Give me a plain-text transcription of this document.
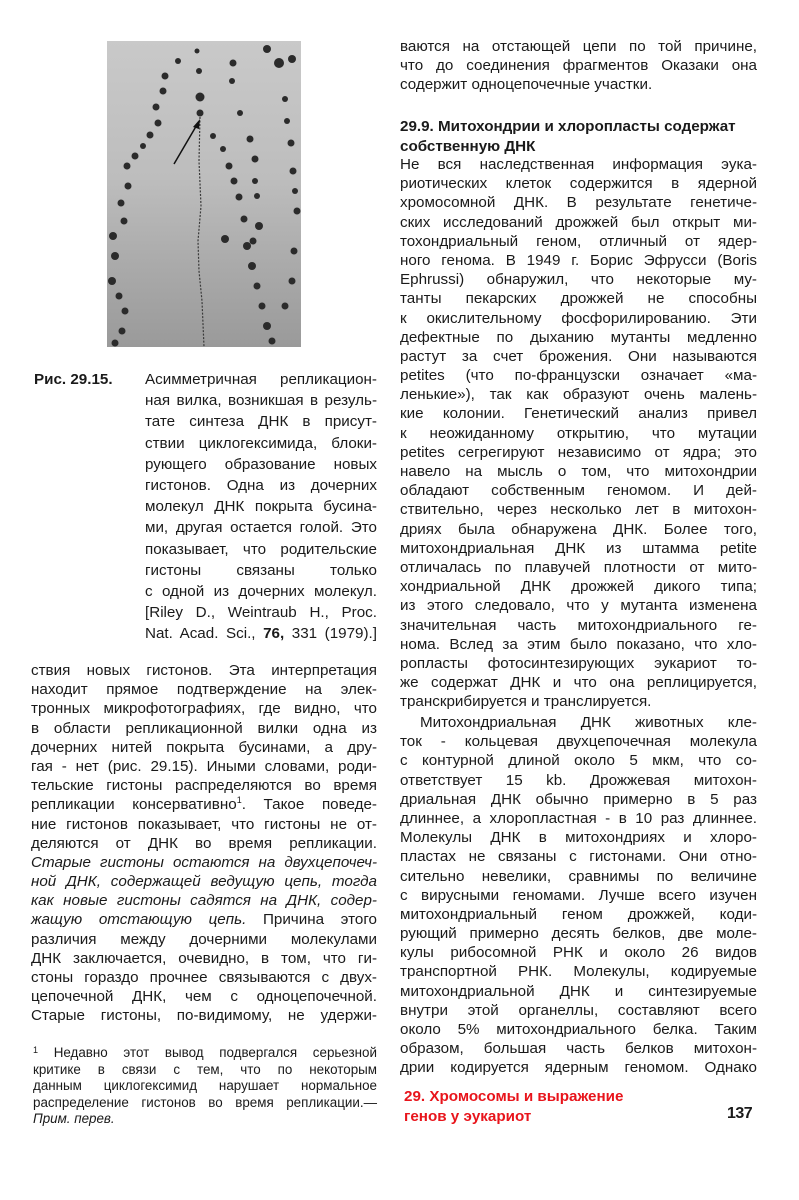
Рис. 29.15. Асимметричная репликацион-
ная вилка, возникшая в резуль-
тате синтеза ДНК в присут-
ствии циклогексимида, блоки-
рующего образование новых
гистонов. Одна из дочерних
молекул ДНК покрыта бусина-
ми, другая остается голой. Это
показывает, что родительские
гистоны связаны только
с одной из дочерних молекул.
[Riley D., Weintraub H., Proc.
Nat. Acad. Sci., 76, 331 (1979).]
ствия новых гистонов. Эта интерпретация
находит прямое подтверждение на элек-
тронных микрофотографиях, где видно, что
в области репликационной вилки одна из
дочерних нитей покрыта бусинами, а дру-
гая - нет (рис. 29.15). Иными словами, роди-
тельские гистоны распределяются во время
репликации консервативно$^1$. Такое поведе-
ние гистонов показывает, что гистоны не от-
деляются от ДНК во время репликации.
Старые гистоны остаются на двухцепочеч-
ной ДНК, содержащей ведущую цепь, тогда
как новые гистоны садятся на ДНК, содер-
жащую отстающую цепь. Причина этого
различия между дочерними молекулами
ДНК заключается, очевидно, в том, что ги-
стоны гораздо прочнее связываются с двух-
цепочечной ДНК, чем с одноцепочечной.
Старые гистоны, по-видимому, не удержи-
$^1$ Недавно этот вывод подвергался серьезной
критике в связи с тем, что по некоторым
данным циклогексимид нарушает нормальное
распределение гистонов во время репликации.—
Прим. перев.
ваются на отстающей цепи по той причине,
что до соединения фрагментов Оказаки она
содержит одноцепочечные участки.
29.9. Митохондрии и хлоропласты содержат
собственную ДНК
Не вся наследственная информация эука-
риотических клеток содержится в ядерной
хромосомной ДНК. В результате генетиче-
ских исследований дрожжей был открыт ми-
тохондриальный геном, отличный от ядер-
ного генома. В 1949 г. Борис Эфрусси (Boris
Ephrussi) обнаружил, что некоторые му-
танты пекарских дрожжей не способны
к окислительному фосфорилированию. Эти
дефектные по дыханию мутанты медленно
растут за счет брожения. Они называются
petites (что по-французски означает «ма-
ленькие»), так как образуют очень малень-
кие колонии. Генетический анализ привел
к неожиданному открытию, что мутации
petites сегрегируют независимо от ядра; это
навело на мысль о том, что митохондрии
обладают собственным геномом. И дей-
ствительно, через несколько лет в митохон-
дриях была обнаружена ДНК. Более того,
митохондриальная ДНК из штамма petite
отличалась по плавучей плотности от мито-
хондриальной ДНК дрожжей дикого типа;
из этого следовало, что у мутанта изменена
значительная часть митохондриального ге-
нома. Вслед за этим было показано, что хло-
ропласты фотосинтезирующих эукариот то-
же содержат ДНК и что она реплицируется,
транскрибируется и транслируется.
Митохондриальная ДНК животных кле-
ток - кольцевая двухцепочечная молекула
с контурной длиной около 5 мкм, что со-
ответствует 15 kb. Дрожжевая митохон-
дриальная ДНК обычно примерно в 5 раз
длиннее, а хлоропластная - в 10 раз длиннее.
Молекулы ДНК в митохондриях и хлоро-
пластах не связаны с гистонами. Они отно-
сительно невелики, сравнимы по величине
с вирусными геномами. Лучше всего изучен
митохондриальный геном дрожжей, коди-
рующий примерно десять белков, две моле-
кулы рибосомной РНК и около 26 видов
транспортной РНК. Молекулы, кодируемые
митохондриальной ДНК и синтезируемые
внутри этой органеллы, составляют всего
около 5% митохондриального белка. Таким
образом, большая часть белков митохон-
дрии кодируется ядерным геномом. Однако
29. Хромосомы и выражение
генов у эукариот	137
